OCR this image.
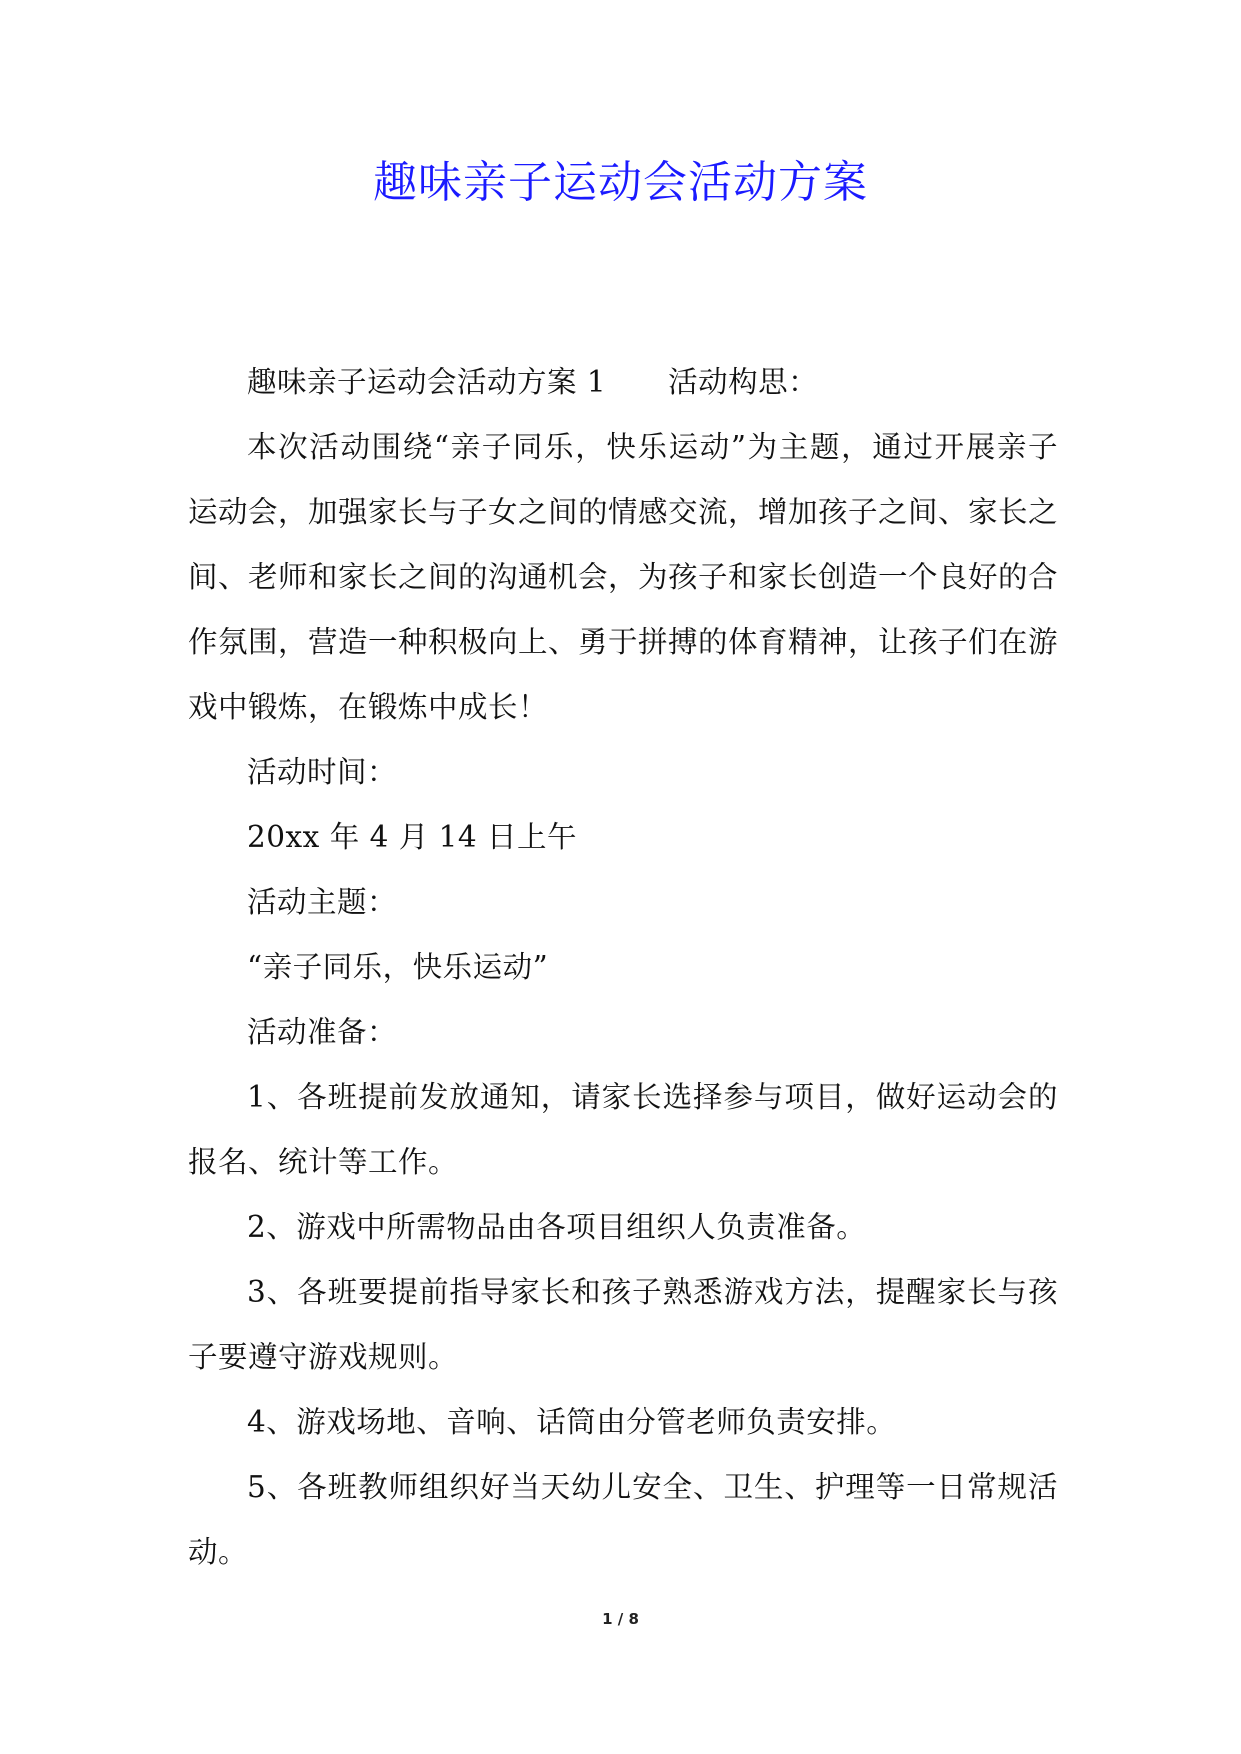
趣味亲子运动会活动方案

趣味亲子运动会活动方案 1 活动构思：

本次活动围绕“亲子同乐，快乐运动”为主题，通过开展亲子运动会，加强家长与子女之间的情感交流，增加孩子之间、家长之间、老师和家长之间的沟通机会，为孩子和家长创造一个良好的合作氛围，营造一种积极向上、勇于拼搏的体育精神，让孩子们在游戏中锻炼，在锻炼中成长！

活动时间：

20xx 年 4 月 14 日上午

活动主题：

“亲子同乐，快乐运动”

活动准备：

1、各班提前发放通知，请家长选择参与项目，做好运动会的报名、统计等工作。

2、游戏中所需物品由各项目组织人负责准备。

3、各班要提前指导家长和孩子熟悉游戏方法，提醒家长与孩子要遵守游戏规则。

4、游戏场地、音响、话筒由分管老师负责安排。

5、各班教师组织好当天幼儿安全、卫生、护理等一日常规活动。

1 / 8
